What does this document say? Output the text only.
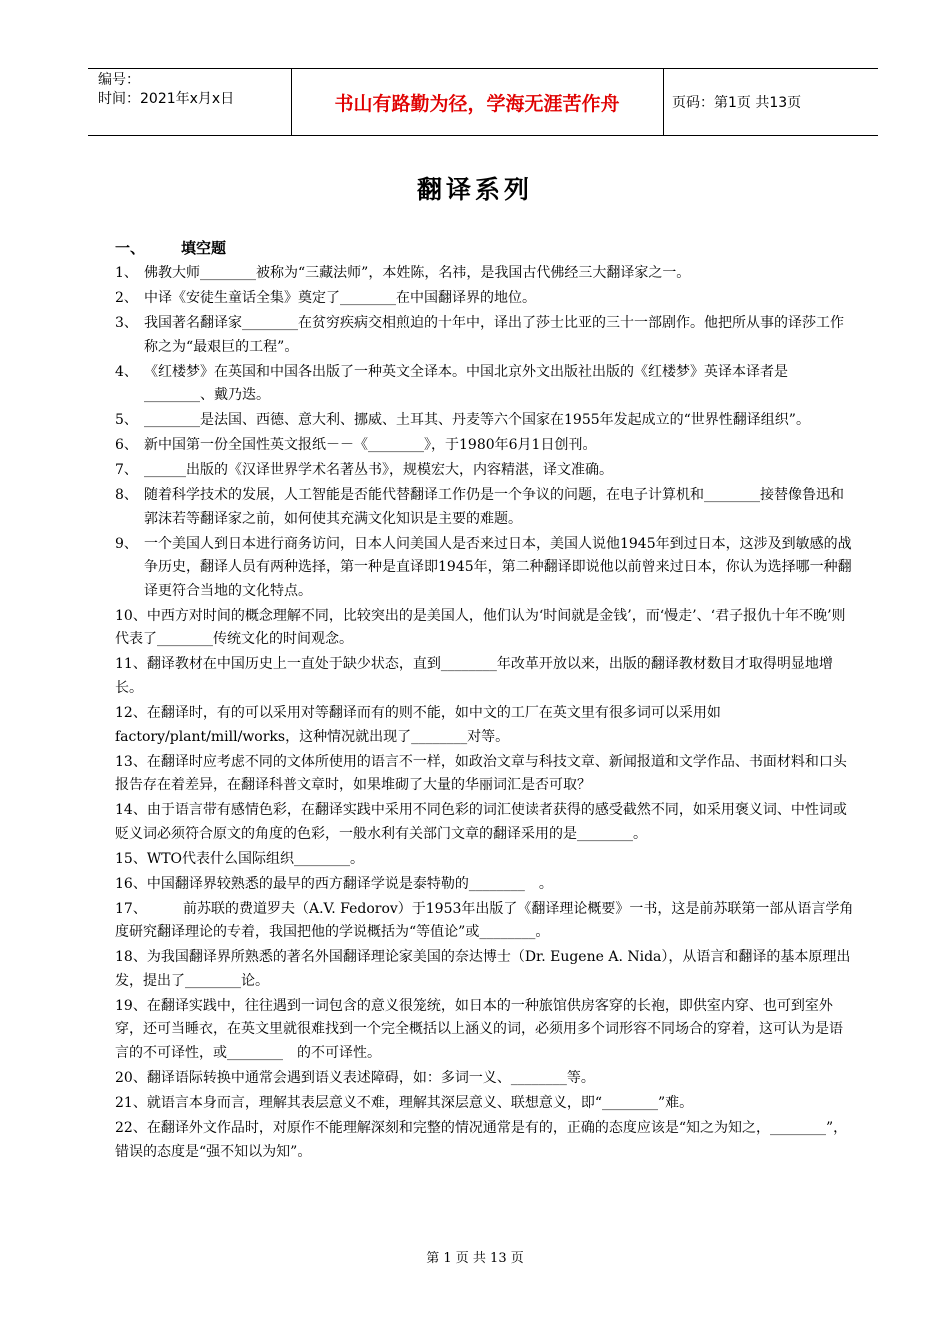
编号：
时间：2021年x月x日	书山有路勤为径，学海无涯苦作舟	页码：第1页 共13页
翻译系列
一、 填空题

1、 佛教大师________被称为“三藏法师”，本姓陈，名祎，是我国古代佛经三大翻译家之一。

2、 中译《安徒生童话全集》奠定了________在中国翻译界的地位。

3、 我国著名翻译家________在贫穷疾病交相煎迫的十年中，译出了莎士比亚的三十一部剧作。他把所从事的译莎工作称之为“最艰巨的工程”。

4、 《红楼梦》在英国和中国各出版了一种英文全译本。中国北京外文出版社出版的《红楼梦》英译本译者是________、戴乃迭。

5、 ________是法国、西德、意大利、挪威、土耳其、丹麦等六个国家在1955年发起成立的“世界性翻译组织”。

6、 新中国第一份全国性英文报纸－－《________》，于1980年6月1日创刊。

7、 ______出版的《汉译世界学术名著丛书》，规模宏大，内容精湛，译文准确。

8、 随着科学技术的发展，人工智能是否能代替翻译工作仍是一个争议的问题，在电子计算机和________接替像鲁迅和郭沫若等翻译家之前，如何使其充满文化知识是主要的难题。

9、 一个美国人到日本进行商务访问，日本人问美国人是否来过日本，美国人说他1945年到过日本，这涉及到敏感的战争历史，翻译人员有两种选择，第一种是直译即1945年，第二种翻译即说他以前曾来过日本，你认为选择哪一种翻译更符合当地的文化特点。

10、中西方对时间的概念理解不同，比较突出的是美国人，他们认为‘时间就是金钱’，而‘慢走’、‘君子报仇十年不晚’则代表了________传统文化的时间观念。

11、翻译教材在中国历史上一直处于缺少状态，直到________年改革开放以来，出版的翻译教材数目才取得明显地增长。

12、在翻译时，有的可以采用对等翻译而有的则不能，如中文的工厂在英文里有很多词可以采用如factory/plant/mill/works，这种情况就出现了________对等。

13、在翻译时应考虑不同的文体所使用的语言不一样，如政治文章与科技文章、新闻报道和文学作品、书面材料和口头报告存在着差异，在翻译科普文章时，如果堆砌了大量的华丽词汇是否可取？

14、由于语言带有感情色彩，在翻译实践中采用不同色彩的词汇使读者获得的感受截然不同，如采用褒义词、中性词或贬义词必须符合原文的角度的色彩，一般水利有关部门文章的翻译采用的是________。

15、WTO代表什么国际组织________。

16、中国翻译界较熟悉的最早的西方翻译学说是泰特勒的________　。

17、	前苏联的费道罗夫（A.V. Fedorov）于1953年出版了《翻译理论概要》一书，这是前苏联第一部从语言学角度研究翻译理论的专着，我国把他的学说概括为“等值论”或________。

18、为我国翻译界所熟悉的著名外国翻译理论家美国的奈达博士（Dr. Eugene A. Nida），从语言和翻译的基本原理出发，提出了________论。

19、在翻译实践中，往往遇到一词包含的意义很笼统，如日本的一种旅馆供房客穿的长袍，即供室内穿、也可到室外穿，还可当睡衣，在英文里就很难找到一个完全概括以上涵义的词，必须用多个词形容不同场合的穿着，这可认为是语言的不可译性，或________　的不可译性。

20、翻译语际转换中通常会遇到语义表述障碍，如：多词一义、________等。

21、就语言本身而言，理解其表层意义不难，理解其深层意义、联想意义，即“________”难。

22、在翻译外文作品时，对原作不能理解深刻和完整的情况通常是有的，正确的态度应该是“知之为知之，________”，错误的态度是“强不知以为知”。

第 1 页 共 13 页
